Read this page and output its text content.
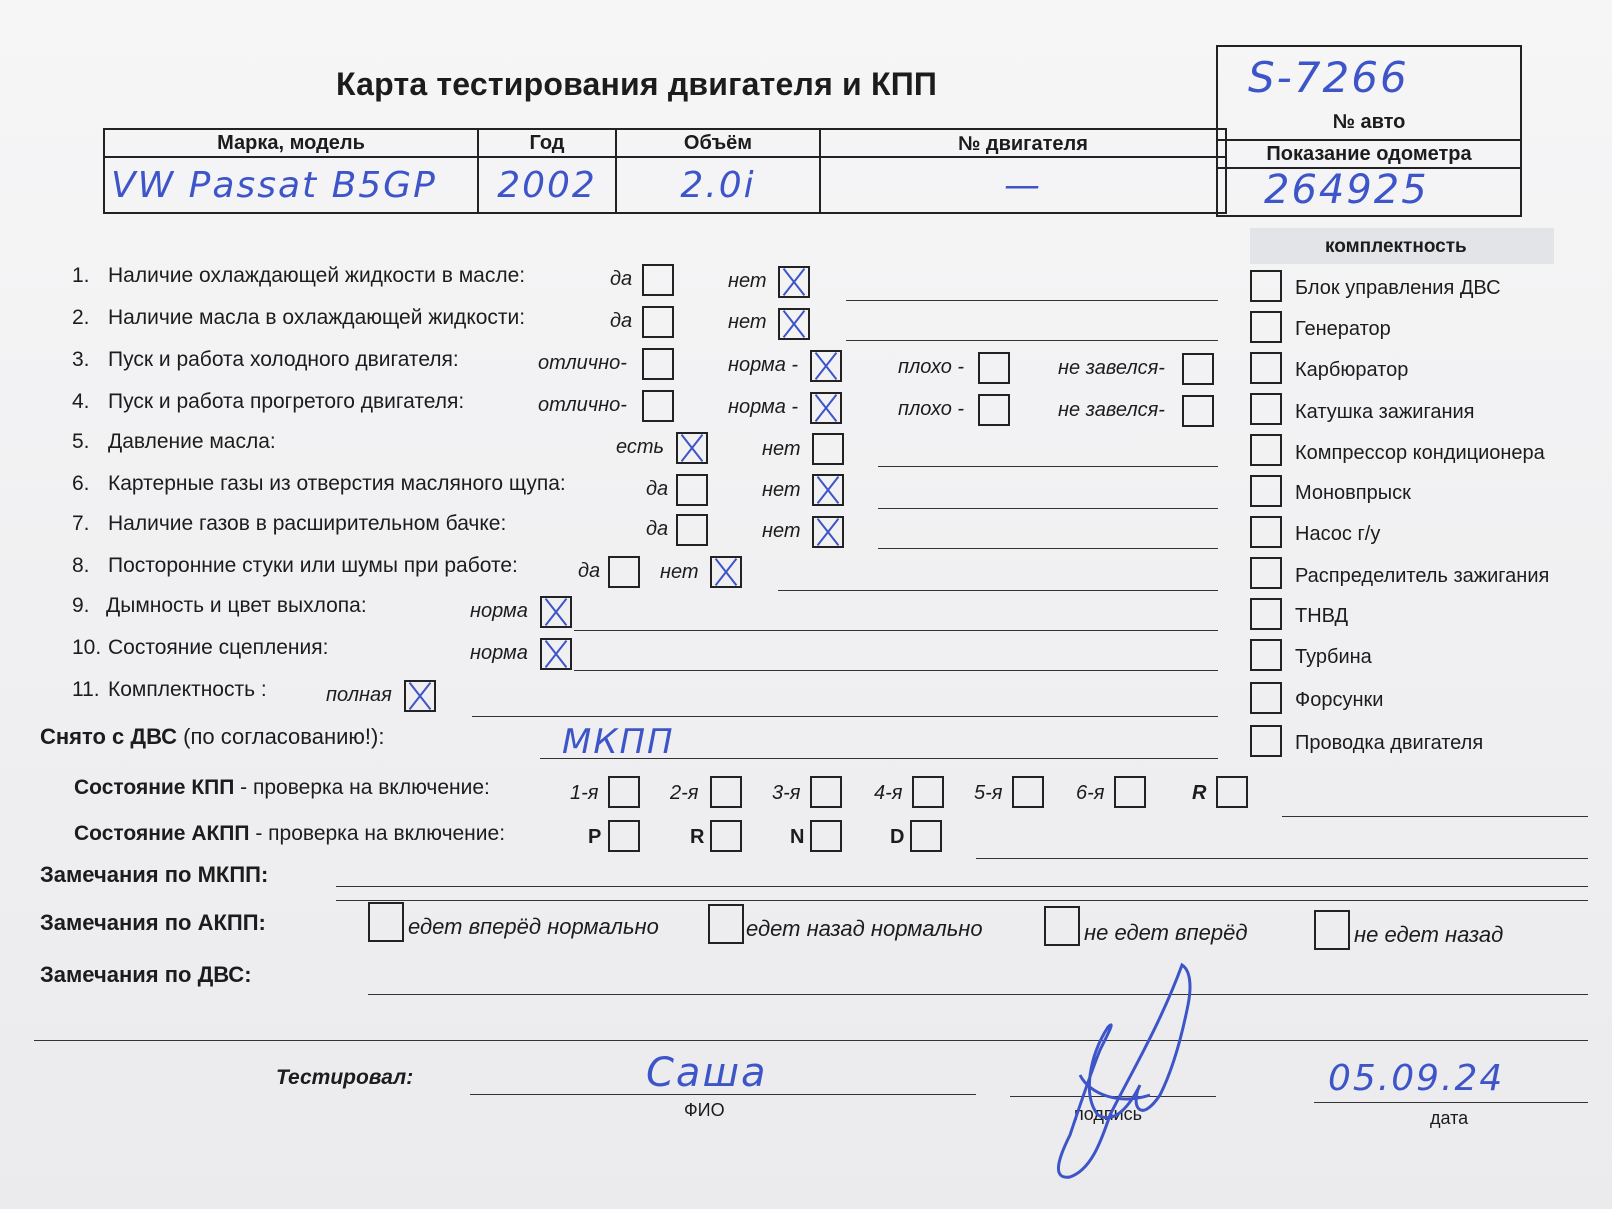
Карта тестирования двигателя и КПП	S-7266
№ авто
Показание одометра
264925
Марка, модель	Год	Объём	№ двигателя
VW Passat B5GP	2002	2.0i	—
комплектность
Блок управления ДВС
Генератор
Карбюратор
Катушка зажигания
Компрессор кондиционера
Моновпрыск
Насос г/у
Распределитель зажигания
ТНВД
Турбина
Форсунки
Проводка двигателя
1. Наличие охлаждающей жидкости в масле:	да	нет
2. Наличие масла в охлаждающей жидкости:	да	нет
3. Пуск и работа холодного двигателя:	отлично-	норма -	плохо -	не завелся-
4. Пуск и работа прогретого двигателя:	отлично-	норма -	плохо -	не завелся-
5. Давление масла:	есть	нет
6. Картерные газы из отверстия масляного щупа:	да	нет
7. Наличие газов в расширительном бачке:	да	нет
8. Посторонние стуки или шумы при работе:	да	нет
9. Дымность и цвет выхлопа:	норма
10. Состояние сцепления:	норма
11. Комплектность :	полная
Снято с ДВС (по согласованию!):	МКПП
Состояние КПП - проверка на включение:	1-я	2-я	3-я	4-я	5-я	6-я	R
Состояние АКПП - проверка на включение:	P	R	N	D
Замечания по МКПП:
Замечания по АКПП:	едет вперёд нормально	едет назад нормально	не едет вперёд	не едет назад
Замечания по ДВС:
Тестировал:	Саша
ФИО	подпись
05.09.24
дата
